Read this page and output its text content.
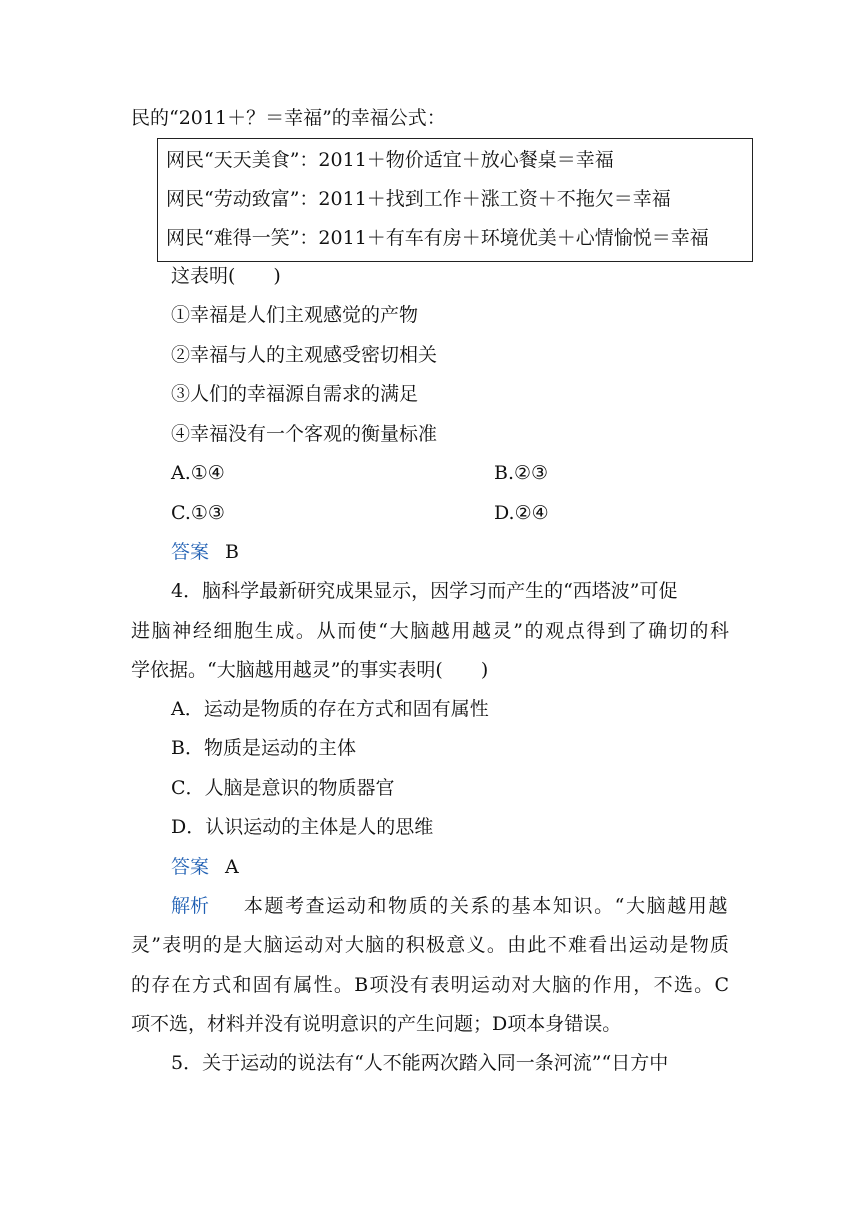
民的“2011＋？＝幸福”的幸福公式：
网民“天天美食”：2011＋物价适宜＋放心餐桌＝幸福
网民“劳动致富”：2011＋找到工作＋涨工资＋不拖欠＝幸福
网民“难得一笑”：2011＋有车有房＋环境优美＋心情愉悦＝幸福
这表明(　　)
①幸福是人们主观感觉的产物
②幸福与人的主观感受密切相关
③人们的幸福源自需求的满足
④幸福没有一个客观的衡量标准
A.①④	B.②③
C.①③	D.②④
答案 B
4．脑科学最新研究成果显示，因学习而产生的“西塔波”可促
进脑神经细胞生成。从而使“大脑越用越灵”的观点得到了确切的科
学依据。“大脑越用越灵”的事实表明(　　)
A．运动是物质的存在方式和固有属性
B．物质是运动的主体
C．人脑是意识的物质器官
D．认识运动的主体是人的思维
答案 A
解析 本题考查运动和物质的关系的基本知识。“大脑越用越
灵”表明的是大脑运动对大脑的积极意义。由此不难看出运动是物质
的存在方式和固有属性。B项没有表明运动对大脑的作用，不选。C
项不选，材料并没有说明意识的产生问题；D项本身错误。
5．关于运动的说法有“人不能两次踏入同一条河流”“日方中
